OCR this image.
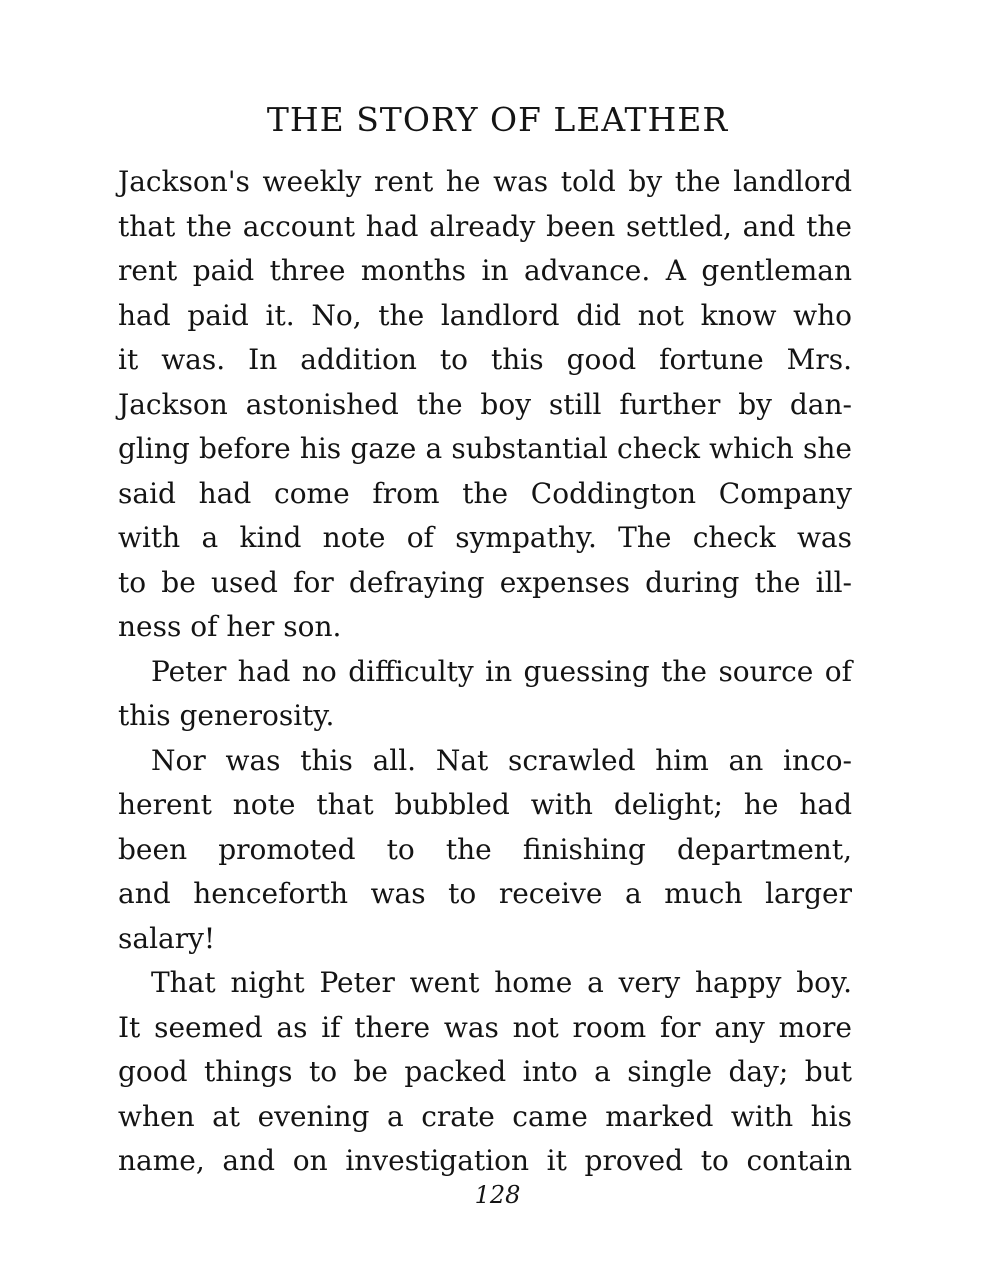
THE STORY OF LEATHER
Jackson's weekly rent he was told by the landlord
that the account had already been settled, and the
rent paid three months in advance. A gentleman
had paid it. No, the landlord did not know who
it was. In addition to this good fortune Mrs.
Jackson astonished the boy still further by dan-
gling before his gaze a substantial check which she
said had come from the Coddington Company
with a kind note of sympathy. The check was
to be used for defraying expenses during the ill-
ness of her son.
Peter had no difficulty in guessing the source of
this generosity.
Nor was this all. Nat scrawled him an inco-
herent note that bubbled with delight; he had
been promoted to the finishing department,
and henceforth was to receive a much larger
salary!
That night Peter went home a very happy boy.
It seemed as if there was not room for any more
good things to be packed into a single day; but
when at evening a crate came marked with his
name, and on investigation it proved to contain
128
